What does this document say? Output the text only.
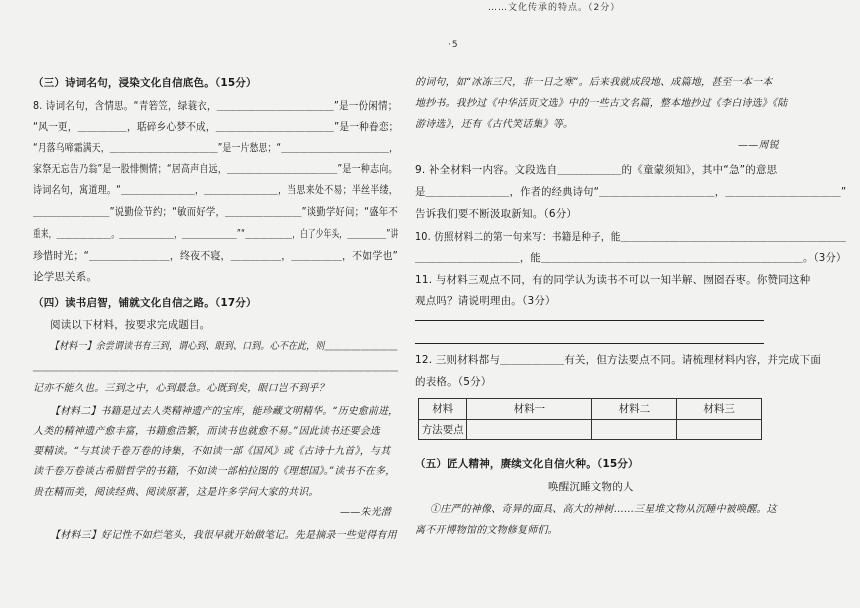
……文化传承的特点。（2分）
·5
（三）诗词名句，浸染文化自信底色。（15分）
8. 诗词名句，含情思。“青箬笠，绿蓑衣，＿＿＿＿＿＿＿＿＿＿＿＿”是一份闲情；
“风一更，＿＿＿＿＿，聒碎乡心梦不成，＿＿＿＿＿＿＿＿＿＿＿＿”是一种眷恋；
“月落乌啼霜满天，＿＿＿＿＿＿＿＿＿＿＿＿”是一片愁思；“＿＿＿＿＿＿＿＿＿＿＿＿，
家祭无忘告乃翁”是一股悱恻情；“居高声自远，＿＿＿＿＿＿＿＿＿＿＿＿”是一种志向。
诗词名句，寓道理。“＿＿＿＿＿＿＿＿，＿＿＿＿＿＿＿＿，当思来处不易；半丝半缕，
＿＿＿＿＿＿＿＿”说勤俭节约；“敏而好学，＿＿＿＿＿＿＿＿”谈勤学好问；“盛年不
重来，＿＿＿＿＿＿＿。＿＿＿＿＿＿＿，＿＿＿＿＿＿＿”“＿＿＿＿＿＿，白了少年头，＿＿＿＿＿”讲
珍惜时光；“＿＿＿＿＿＿＿＿，终夜不寝，＿＿＿＿＿，＿＿＿＿＿，不如学也”
论学思关系。
（四）读书启智，铺就文化自信之路。（17分）
阅读以下材料，按要求完成题目。
【材料一】余尝谓读书有三到，谓心到、眼到、口到。心不在此，则＿＿＿＿＿＿＿＿
＿＿＿＿＿＿＿＿＿＿＿＿＿＿＿＿＿＿＿＿＿＿＿＿＿＿＿＿＿＿＿＿＿＿＿＿＿＿＿＿＿＿
记亦不能久也。三到之中，心到最急。心既到矣，眼口岂不到乎？
【材料二】书籍是过去人类精神遗产的宝库，能珍藏文明精华。“历史愈前进，
人类的精神遗产愈丰富，书籍愈浩繁，而读书也就愈不易。”因此读书还要会选
要精读。“与其读千卷万卷的诗集，不如读一部《国风》或《古诗十九首》，与其
读千卷万卷谈古希腊哲学的书籍，不如读一部柏拉图的《理想国》。”读书不在多，
贵在精而美，阅读经典、阅读原著，这是许多学问大家的共识。
——朱光潜
【材料三】好记性不如烂笔头，我很早就开始做笔记。先是摘录一些觉得有用
的词句，如“冰冻三尺，非一日之寒”。后来我就成段地、成篇地，甚至一本一本
地抄书。我抄过《中华活页文选》中的一些古文名篇，整本地抄过《李白诗选》《陆
游诗选》，还有《古代笑话集》等。
——周锐
9. 补全材料一内容。文段选自＿＿＿＿＿＿的《童蒙须知》，其中“急”的意思
是＿＿＿＿＿＿＿＿，作者的经典诗句“＿＿＿＿＿＿＿＿＿＿＿，＿＿＿＿＿＿＿＿＿＿＿”
告诉我们要不断汲取新知。（6分）
10. 仿照材料二的第一句来写：书籍是种子，能＿＿＿＿＿＿＿＿＿＿＿＿＿＿＿＿＿＿＿＿＿＿＿
＿＿＿＿＿＿＿＿＿＿，能＿＿＿＿＿＿＿＿＿＿＿＿＿＿＿＿＿＿＿＿＿＿＿＿＿。（3分）
11. 与材料三观点不同，有的同学认为读书不可以一知半解、囫囵吞枣。你赞同这种
观点吗？请说明理由。（3分）
12. 三则材料都与＿＿＿＿＿＿有关，但方法要点不同。请梳理材料内容，并完成下面
的表格。（5分）
材料	材料一	材料二	材料三
方法要点			
（五）匠人精神，赓续文化自信火种。（15分）
唤醒沉睡文物的人
①庄严的神像、奇异的面具、高大的神树……三星堆文物从沉睡中被唤醒。这
离不开博物馆的文物修复师们。
